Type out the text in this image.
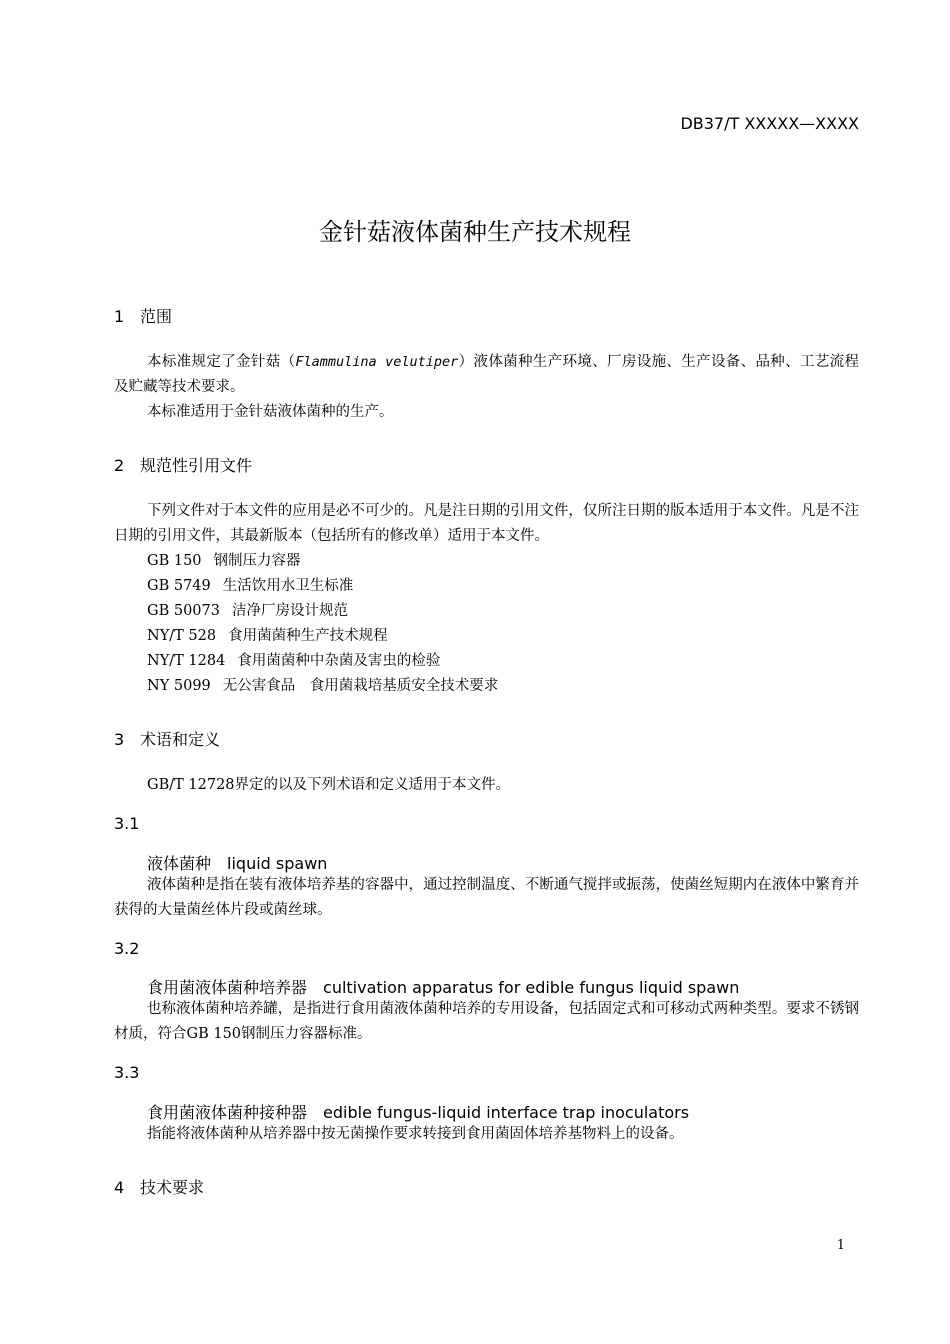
DB37/T XXXXX—XXXX
金针菇液体菌种生产技术规程
1 范围
本标准规定了金针菇（Flammulina velutiper）液体菌种生产环境、厂房设施、生产设备、品种、工艺流程及贮藏等技术要求。
本标准适用于金针菇液体菌种的生产。
2 规范性引用文件
下列文件对于本文件的应用是必不可少的。凡是注日期的引用文件，仅所注日期的版本适用于本文件。凡是不注日期的引用文件，其最新版本（包括所有的修改单）适用于本文件。
GB 150 钢制压力容器
GB 5749 生活饮用水卫生标准
GB 50073 洁净厂房设计规范
NY/T 528 食用菌菌种生产技术规程
NY/T 1284 食用菌菌种中杂菌及害虫的检验
NY 5099 无公害食品　食用菌栽培基质安全技术要求
3 术语和定义
GB/T 12728界定的以及下列术语和定义适用于本文件。
3.1
液体菌种 liquid spawn
液体菌种是指在装有液体培养基的容器中，通过控制温度、不断通气搅拌或振荡，使菌丝短期内在液体中繁育并获得的大量菌丝体片段或菌丝球。
3.2
食用菌液体菌种培养器 cultivation apparatus for edible fungus liquid spawn
也称液体菌种培养罐，是指进行食用菌液体菌种培养的专用设备，包括固定式和可移动式两种类型。要求不锈钢材质，符合GB 150钢制压力容器标准。
3.3
食用菌液体菌种接种器 edible fungus-liquid interface trap inoculators
指能将液体菌种从培养器中按无菌操作要求转接到食用菌固体培养基物料上的设备。
4 技术要求
1
